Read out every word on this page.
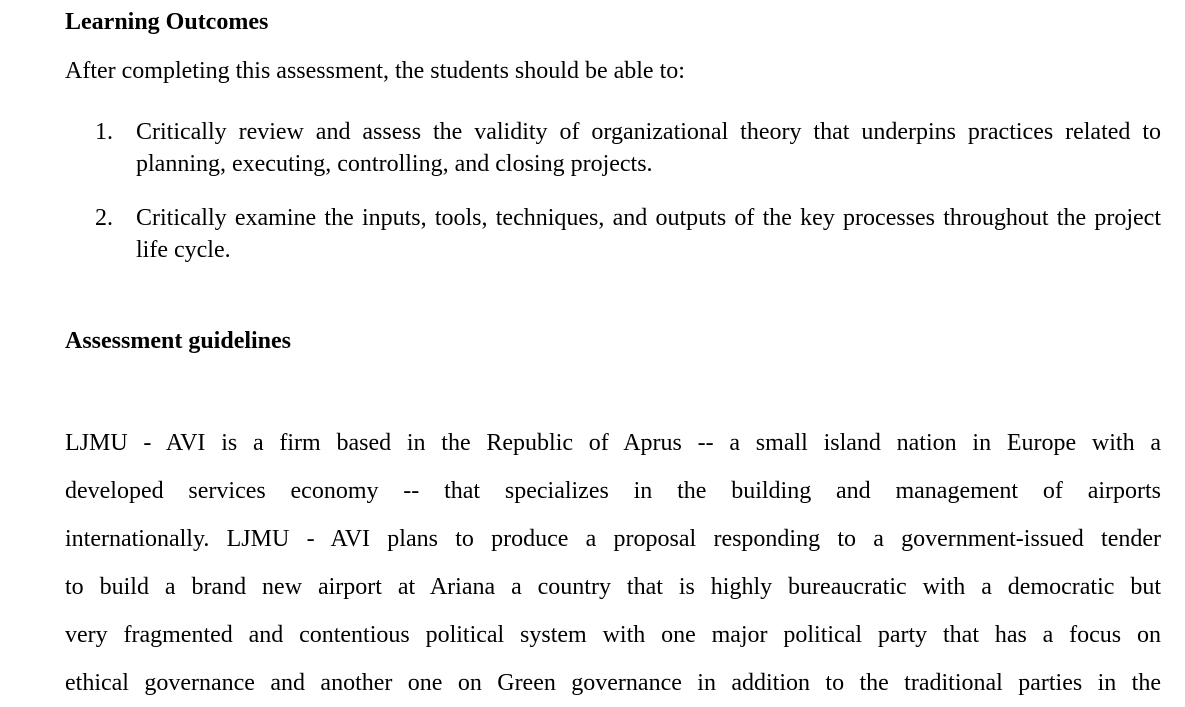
Learning Outcomes

After completing this assessment, the students should be able to:

1. Critically review and assess the validity of organizational theory that underpins practices related to planning, executing, controlling, and closing projects.
2. Critically examine the inputs, tools, techniques, and outputs of the key processes throughout the project life cycle.
Assessment guidelines
LJMU - AVI is a firm based in the Republic of Aprus -- a small island nation in Europe with a
developed services economy -- that specializes in the building and management of airports
internationally. LJMU - AVI plans to produce a proposal responding to a government-issued tender
to build a brand new airport at Ariana a country that is highly bureaucratic with a democratic but
very fragmented and contentious political system with one major political party that has a focus on
ethical governance and another one on Green governance in addition to the traditional parties in the
